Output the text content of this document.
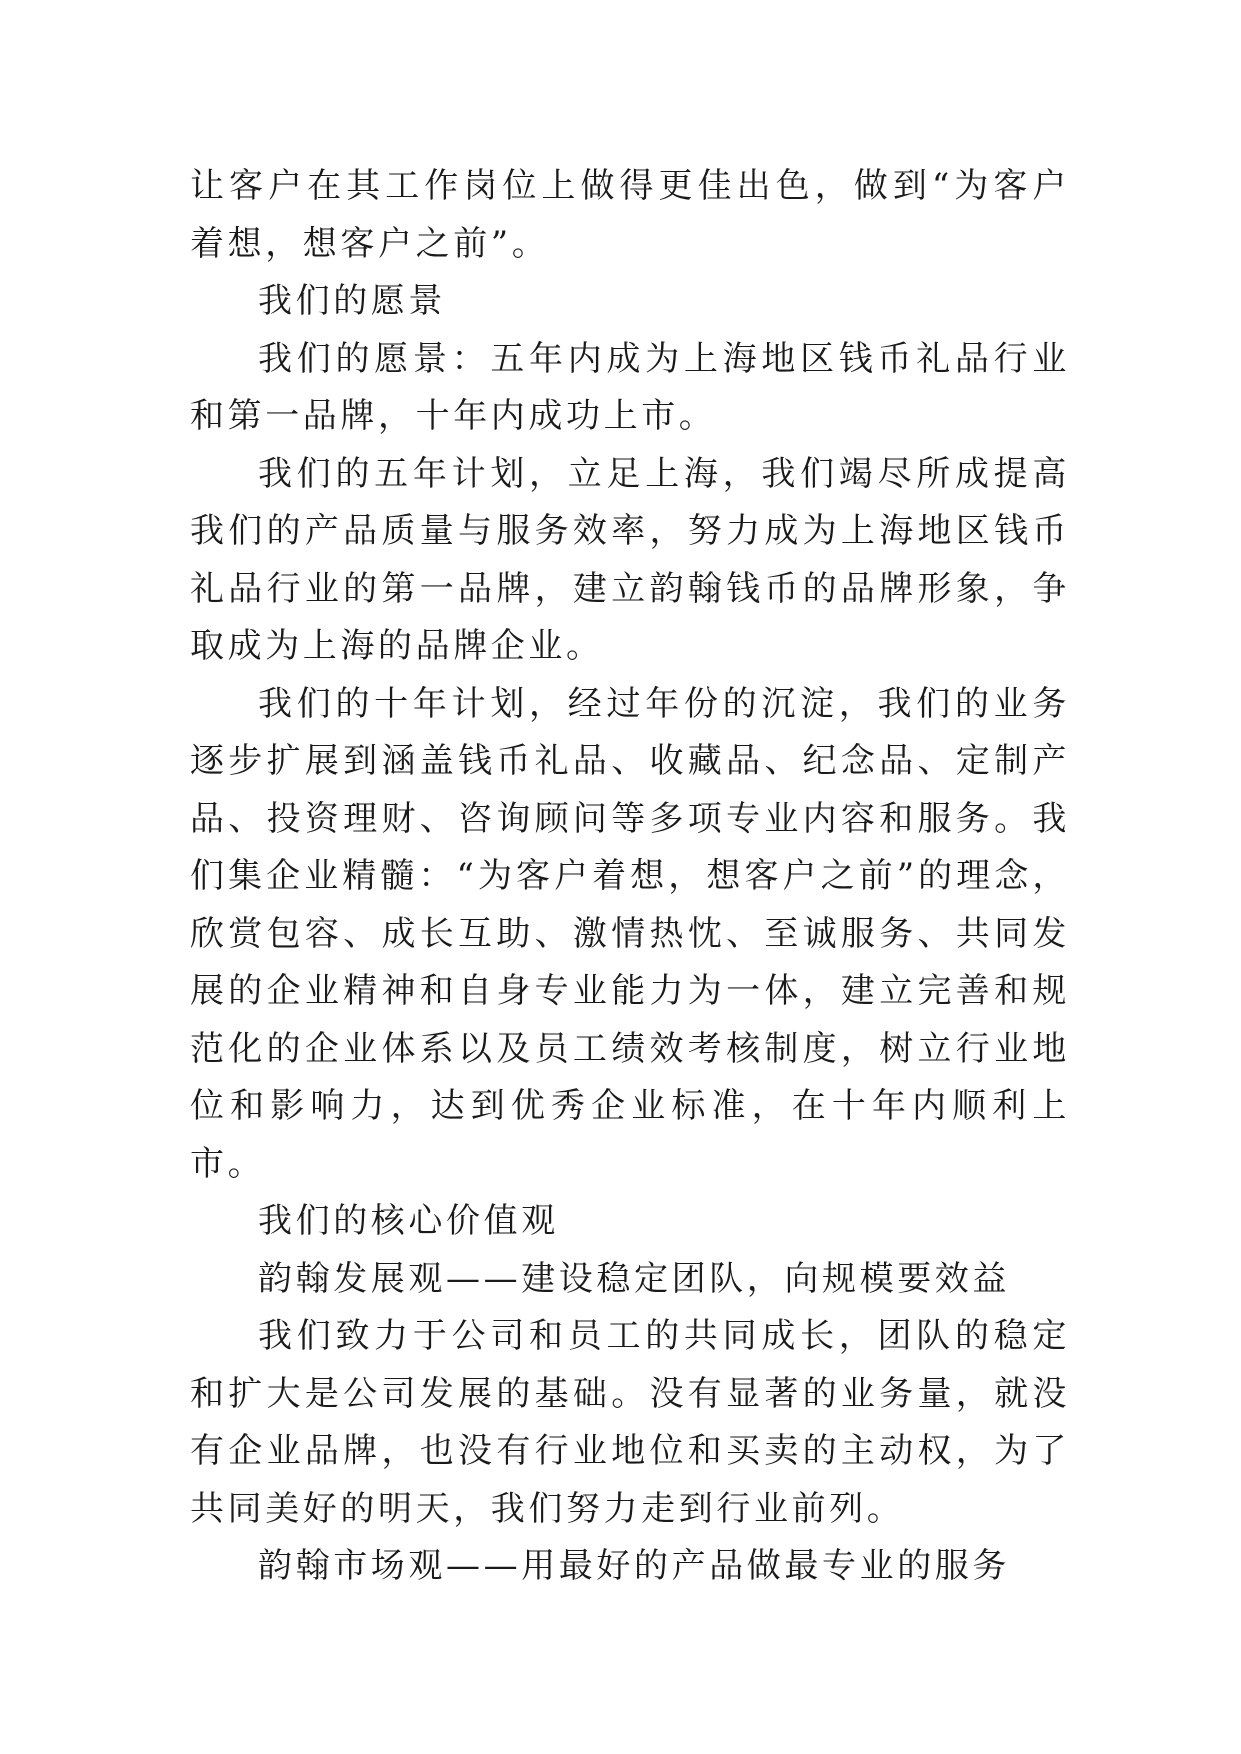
让客户在其工作岗位上做得更佳出色，做到“为客户着想，想客户之前”。

我们的愿景

我们的愿景：五年内成为上海地区钱币礼品行业和第一品牌，十年内成功上市。

我们的五年计划，立足上海，我们竭尽所成提高我们的产品质量与服务效率，努力成为上海地区钱币礼品行业的第一品牌，建立韵翰钱币的品牌形象，争取成为上海的品牌企业。

我们的十年计划，经过年份的沉淀，我们的业务逐步扩展到涵盖钱币礼品、收藏品、纪念品、定制产品、投资理财、咨询顾问等多项专业内容和服务。我们集企业精髓：“为客户着想，想客户之前”的理念，欣赏包容、成长互助、激情热忱、至诚服务、共同发展的企业精神和自身专业能力为一体，建立完善和规范化的企业体系以及员工绩效考核制度，树立行业地位和影响力，达到优秀企业标准，在十年内顺利上市。

我们的核心价值观

韵翰发展观——建设稳定团队，向规模要效益

我们致力于公司和员工的共同成长，团队的稳定和扩大是公司发展的基础。没有显著的业务量，就没有企业品牌，也没有行业地位和买卖的主动权，为了共同美好的明天，我们努力走到行业前列。

韵翰市场观——用最好的产品做最专业的服务
